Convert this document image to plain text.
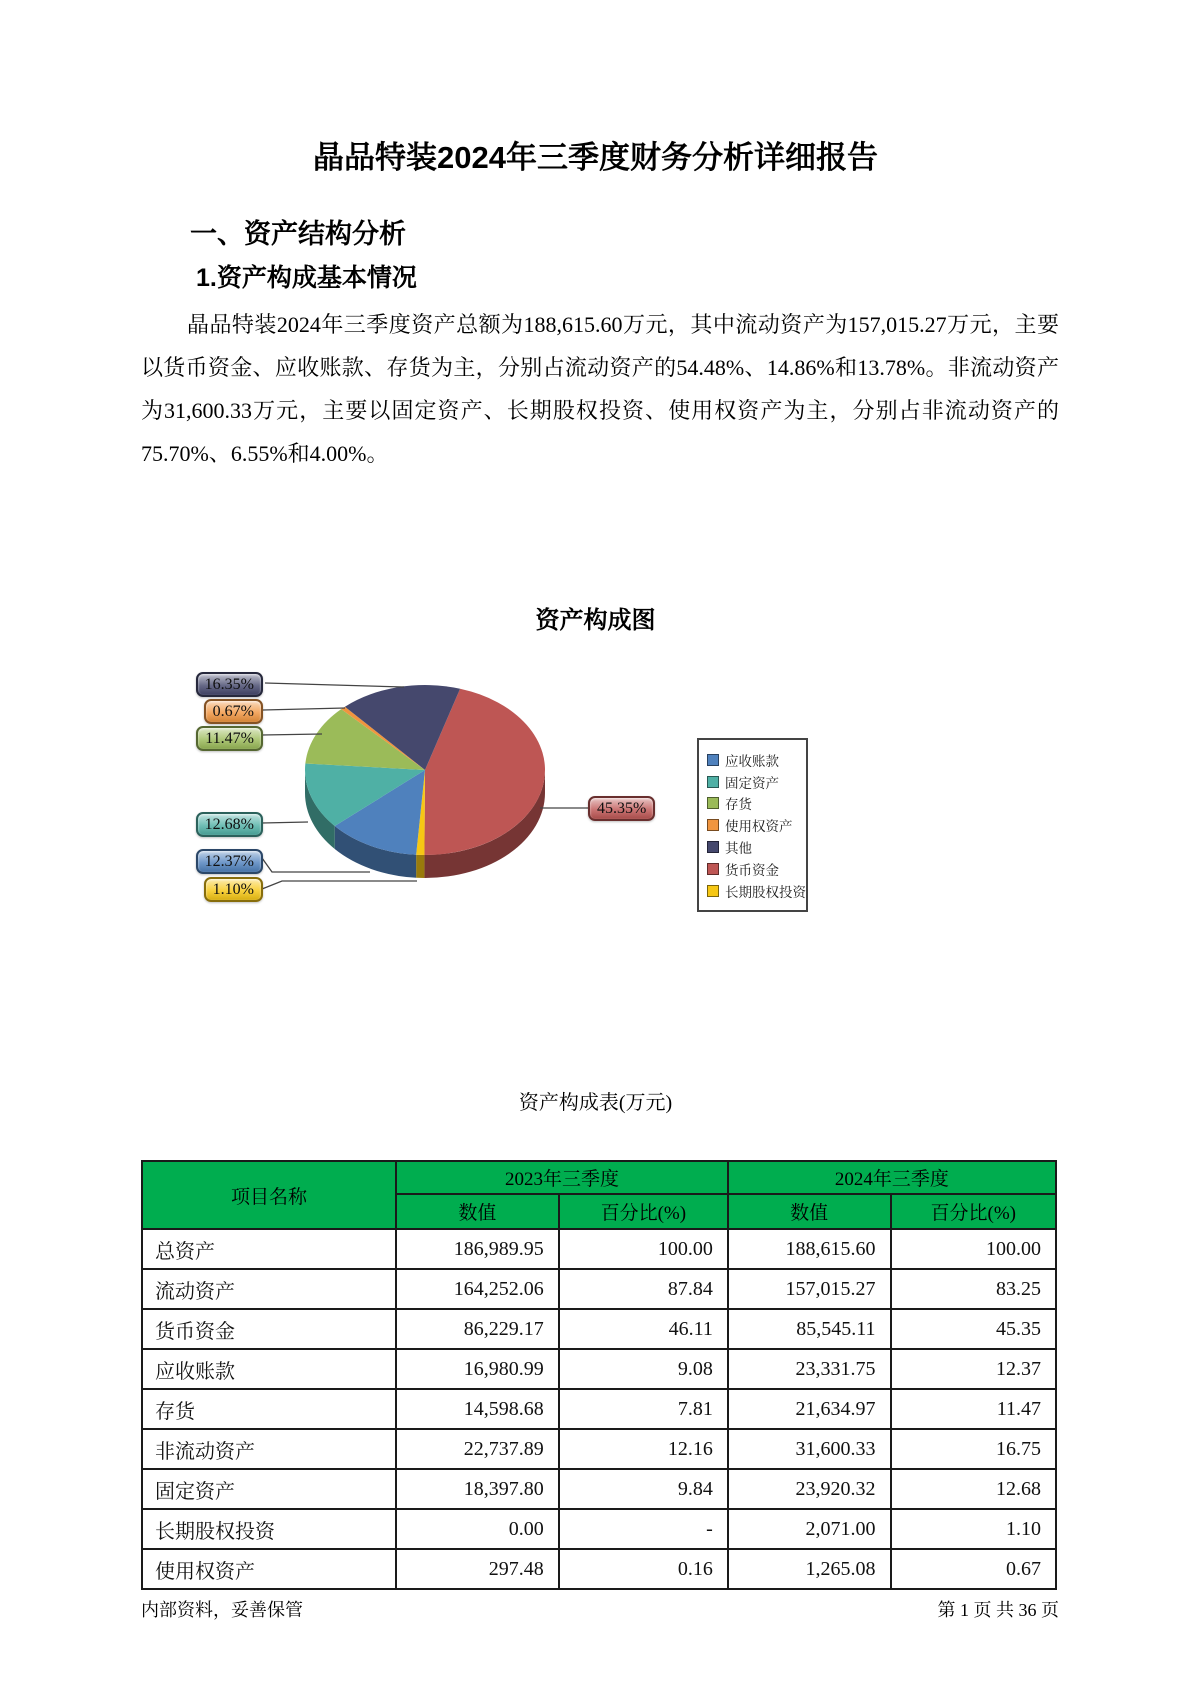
晶品特装2024年三季度财务分析详细报告
一、资产结构分析
1.资产构成基本情况
晶品特装2024年三季度资产总额为188,615.60万元，其中流动资产为157,015.27万元，主要以货币资金、应收账款、存货为主，分别占流动资产的54.48%、14.86%和13.78%。非流动资产为31,600.33万元，主要以固定资产、长期股权投资、使用权资产为主，分别占非流动资产的75.70%、6.55%和4.00%。
资产构成图
16.35%
0.67%
11.47%
12.68%
12.37%
1.10%
45.35%
应收账款
固定资产
存货
使用权资产
其他
货币资金
长期股权投资
资产构成表(万元)
项目名称	2023年三季度		2024年三季度	
	数值	百分比(%)	数值	百分比(%)
总资产	186,989.95	100.00	188,615.60	100.00
流动资产	164,252.06	87.84	157,015.27	83.25
货币资金	86,229.17	46.11	85,545.11	45.35
应收账款	16,980.99	9.08	23,331.75	12.37
存货	14,598.68	7.81	21,634.97	11.47
非流动资产	22,737.89	12.16	31,600.33	16.75
固定资产	18,397.80	9.84	23,920.32	12.68
长期股权投资	0.00	-	2,071.00	1.10
使用权资产	297.48	0.16	1,265.08	0.67
内部资料，妥善保管	第 1 页 共 36 页
